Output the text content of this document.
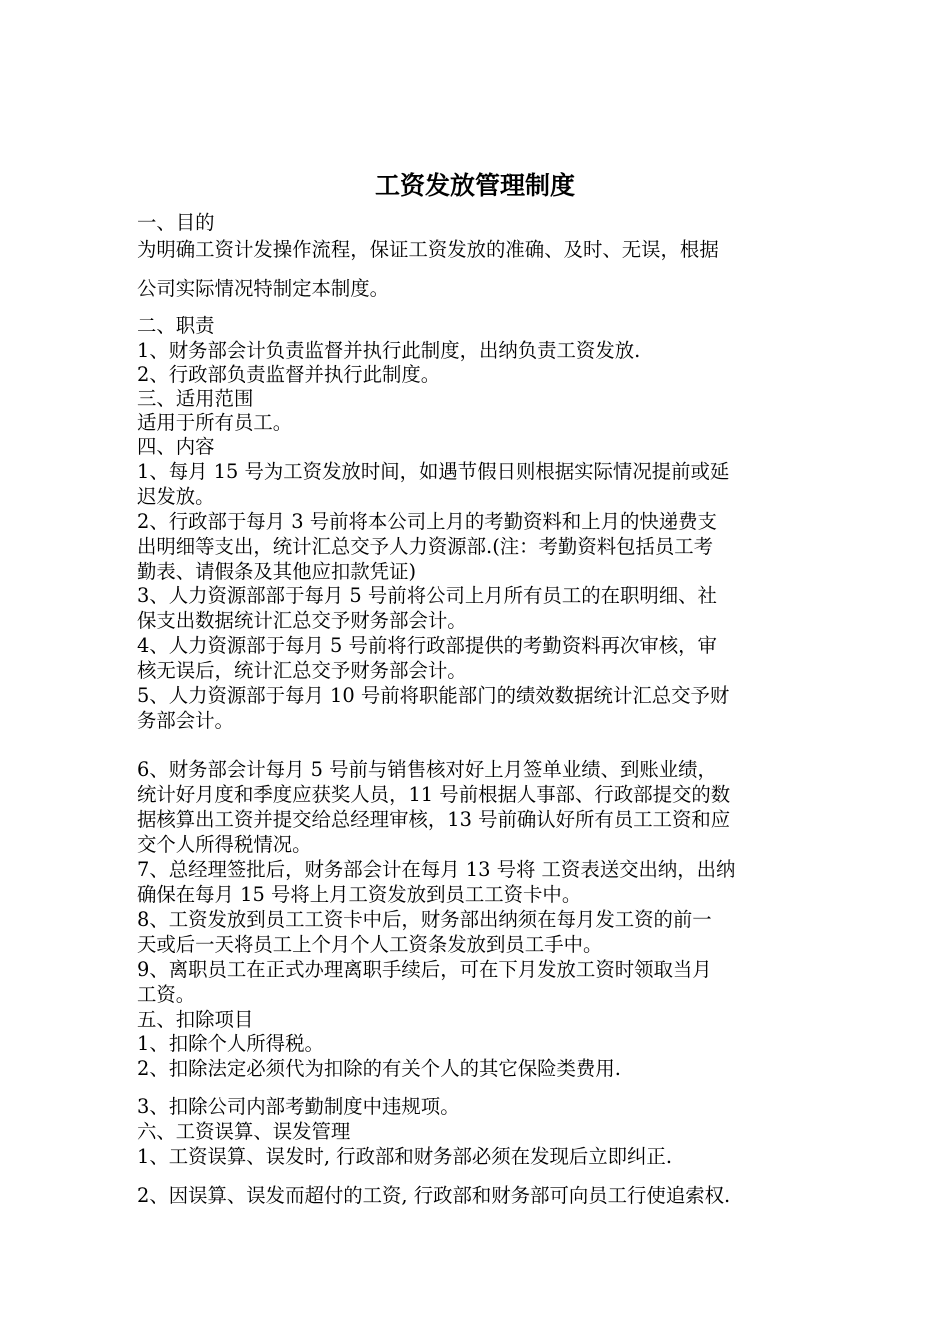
工资发放管理制度
一、目的
为明确工资计发操作流程，保证工资发放的准确、及时、无误，根据
公司实际情况特制定本制度。
二、职责
1、财务部会计负责监督并执行此制度，出纳负责工资发放.
2、行政部负责监督并执行此制度。
三、适用范围
适用于所有员工。
四、内容
1、每月 15 号为工资发放时间，如遇节假日则根据实际情况提前或延
迟发放。
2、行政部于每月 3 号前将本公司上月的考勤资料和上月的快递费支
出明细等支出，统计汇总交予人力资源部.(注：考勤资料包括员工考
勤表、请假条及其他应扣款凭证)
3、人力资源部部于每月 5 号前将公司上月所有员工的在职明细、社
保支出数据统计汇总交予财务部会计。
4、人力资源部于每月 5 号前将行政部提供的考勤资料再次审核，审
核无误后，统计汇总交予财务部会计。
5、人力资源部于每月 10 号前将职能部门的绩效数据统计汇总交予财
务部会计。
6、财务部会计每月 5 号前与销售核对好上月签单业绩、到账业绩，
统计好月度和季度应获奖人员，11 号前根据人事部、行政部提交的数
据核算出工资并提交给总经理审核，13 号前确认好所有员工工资和应
交个人所得税情况。
7、总经理签批后，财务部会计在每月 13 号将 工资表送交出纳，出纳
确保在每月 15 号将上月工资发放到员工工资卡中。
8、工资发放到员工工资卡中后，财务部出纳须在每月发工资的前一
天或后一天将员工上个月个人工资条发放到员工手中。
9、离职员工在正式办理离职手续后，可在下月发放工资时领取当月
工资。
五、扣除项目
1、扣除个人所得税。
2、扣除法定必须代为扣除的有关个人的其它保险类费用.
3、扣除公司内部考勤制度中违规项。
六、工资误算、误发管理
1、工资误算、误发时, 行政部和财务部必须在发现后立即纠正.
2、因误算、误发而超付的工资, 行政部和财务部可向员工行使追索权.
